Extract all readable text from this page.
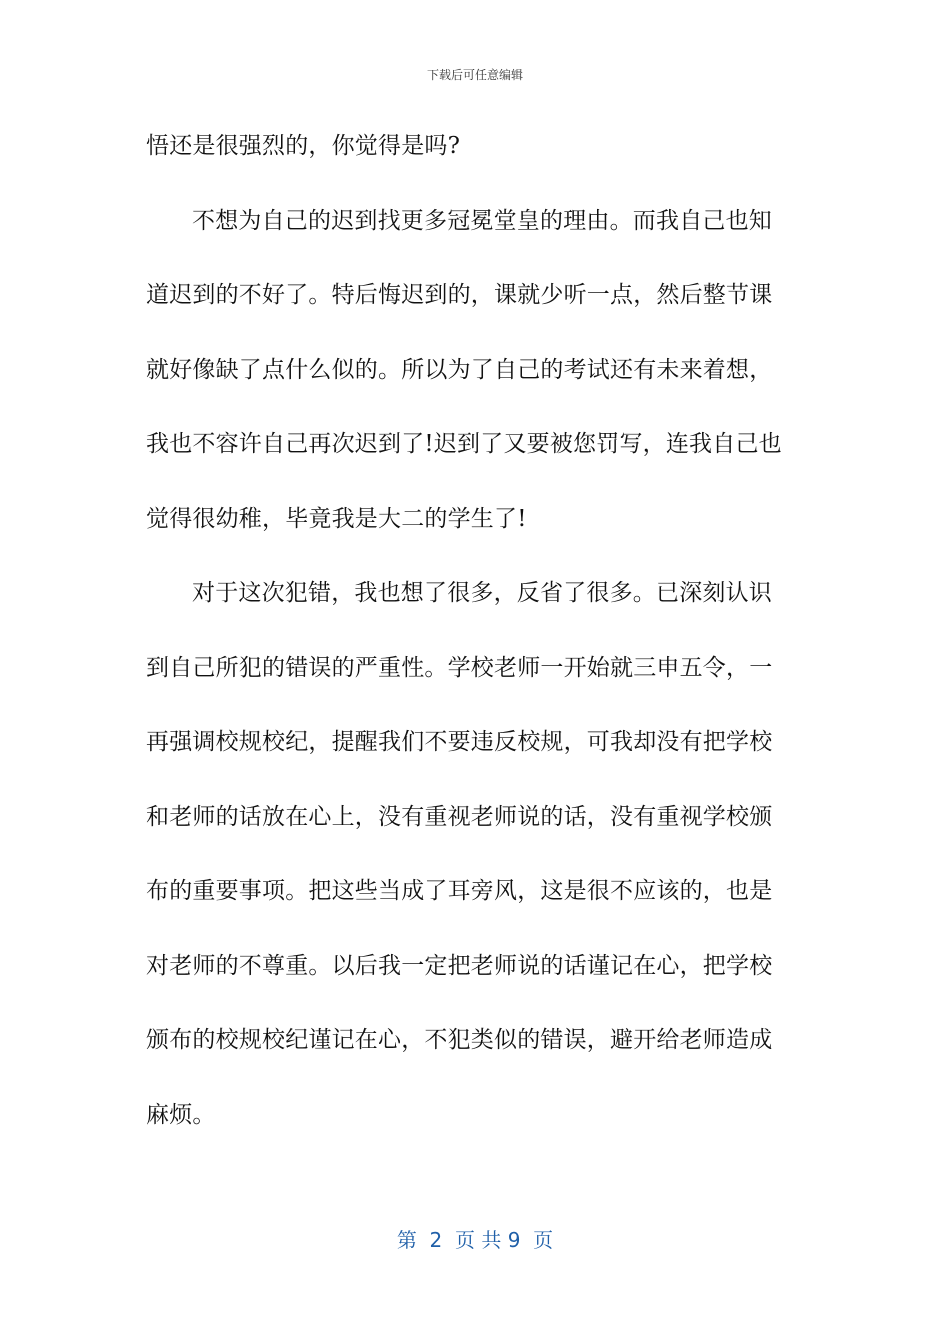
下载后可任意编辑
悟还是很强烈的，你觉得是吗?
不想为自己的迟到找更多冠冕堂皇的理由。而我自己也知
道迟到的不好了。特后悔迟到的，课就少听一点，然后整节课
就好像缺了点什么似的。所以为了自己的考试还有未来着想，
我也不容许自己再次迟到了!迟到了又要被您罚写，连我自己也
觉得很幼稚，毕竟我是大二的学生了!
对于这次犯错，我也想了很多，反省了很多。已深刻认识
到自己所犯的错误的严重性。学校老师一开始就三申五令，一
再强调校规校纪，提醒我们不要违反校规，可我却没有把学校
和老师的话放在心上，没有重视老师说的话，没有重视学校颁
布的重要事项。把这些当成了耳旁风，这是很不应该的，也是
对老师的不尊重。以后我一定把老师说的话谨记在心，把学校
颁布的校规校纪谨记在心，不犯类似的错误，避开给老师造成
麻烦。
第  2  页 共 9  页
